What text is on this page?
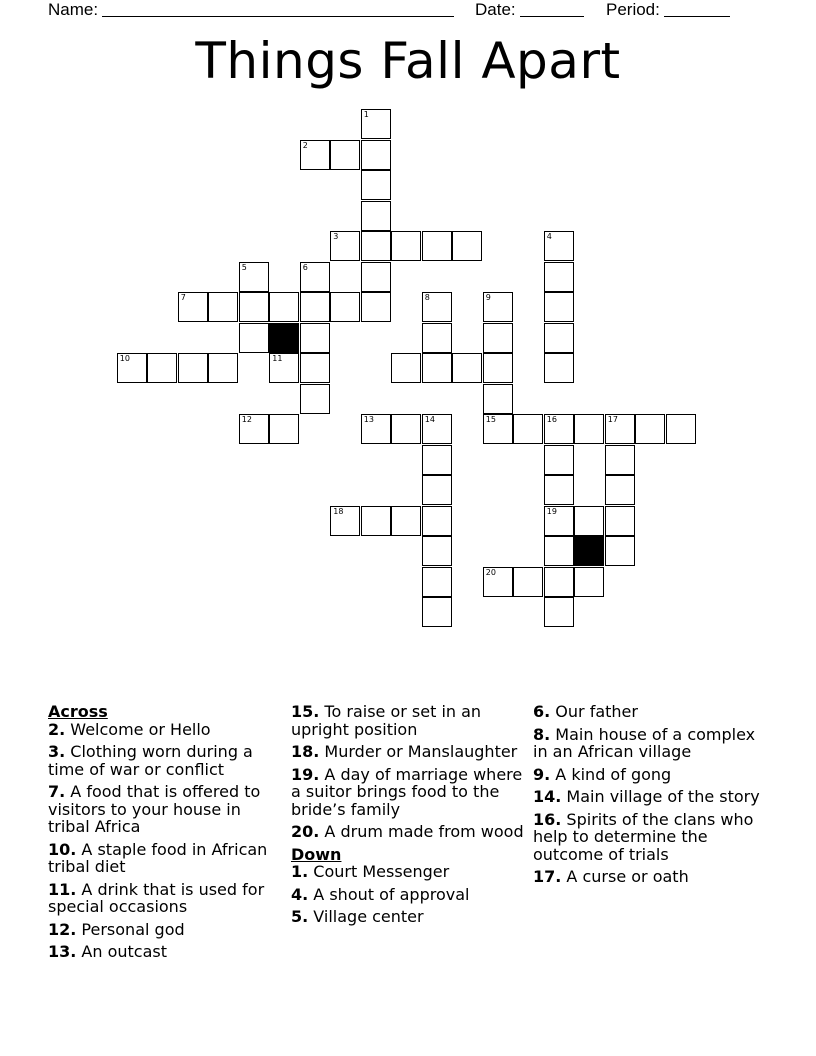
Name:	Date:	Period:
Things Fall Apart
1
2
3	4
5	6
7	8	9
10	11
12	13	14	15	16	17
18	19
20
Across
2. Welcome or Hello
3. Clothing worn during a time of war or conflict
7. A food that is offered to visitors to your house in tribal Africa
10. A staple food in African tribal diet
11. A drink that is used for special occasions
12. Personal god
13. An outcast
15. To raise or set in an upright position
18. Murder or Manslaughter
19. A day of marriage where a suitor brings food to the bride’s family
20. A drum made from wood
Down
1. Court Messenger
4. A shout of approval
5. Village center
6. Our father
8. Main house of a complex in an African village
9. A kind of gong
14. Main village of the story
16. Spirits of the clans who help to determine the outcome of trials
17. A curse or oath
